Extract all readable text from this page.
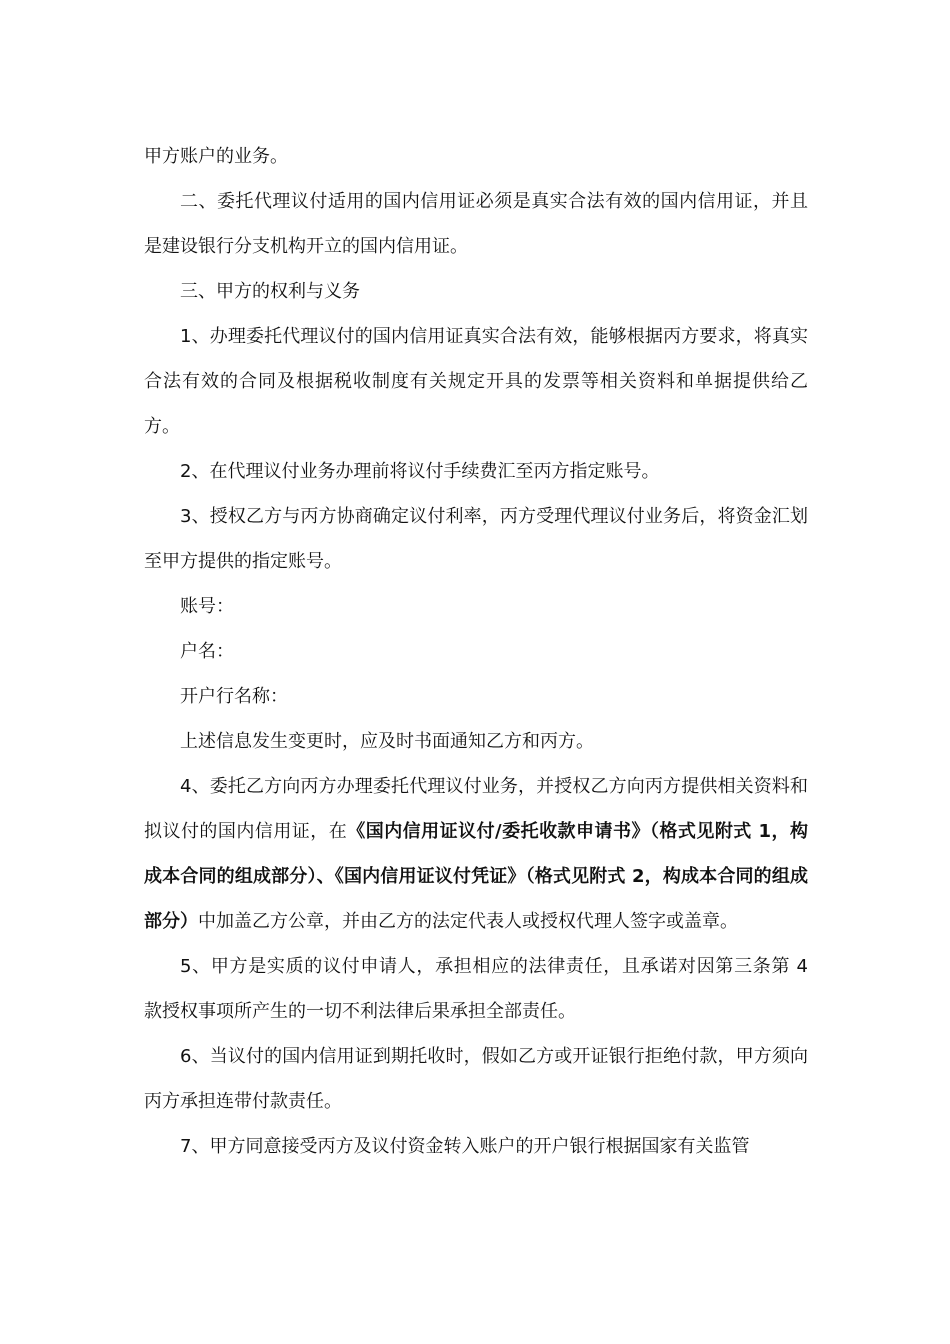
甲方账户的业务。

二、委托代理议付适用的国内信用证必须是真实合法有效的国内信用证，并且是建设银行分支机构开立的国内信用证。

三、甲方的权利与义务

1、办理委托代理议付的国内信用证真实合法有效，能够根据丙方要求，将真实合法有效的合同及根据税收制度有关规定开具的发票等相关资料和单据提供给乙方。

2、在代理议付业务办理前将议付手续费汇至丙方指定账号。

3、授权乙方与丙方协商确定议付利率，丙方受理代理议付业务后，将资金汇划至甲方提供的指定账号。

账号：

户名：

开户行名称：

上述信息发生变更时，应及时书面通知乙方和丙方。

4、委托乙方向丙方办理委托代理议付业务，并授权乙方向丙方提供相关资料和拟议付的国内信用证，在《国内信用证议付/委托收款申请书》（格式见附式 1，构成本合同的组成部分）、《国内信用证议付凭证》（格式见附式 2，构成本合同的组成部分）中加盖乙方公章，并由乙方的法定代表人或授权代理人签字或盖章。

5、甲方是实质的议付申请人，承担相应的法律责任，且承诺对因第三条第 4 款授权事项所产生的一切不利法律后果承担全部责任。

6、当议付的国内信用证到期托收时，假如乙方或开证银行拒绝付款，甲方须向丙方承担连带付款责任。

7、甲方同意接受丙方及议付资金转入账户的开户银行根据国家有关监管
